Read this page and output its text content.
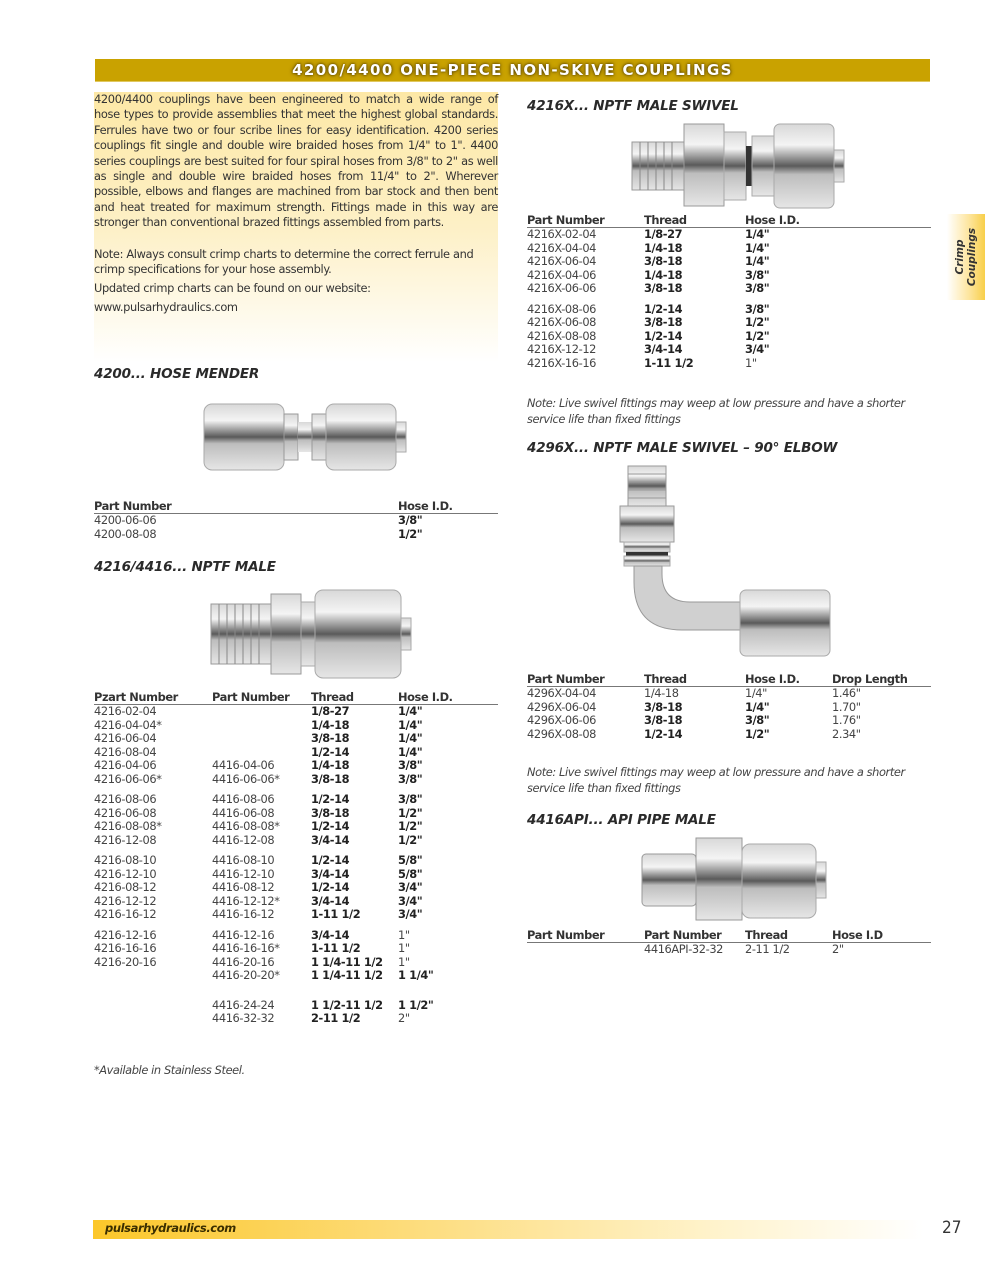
4200/4400 ONE-PIECE NON-SKIVE COUPLINGS

4200/4400 couplings have been engineered to match a wide range of hose types to provide assemblies that meet the highest global standards. Ferrules have two or four scribe lines for easy identification. 4200 series couplings fit single and double wire braided hoses from 1/4" to 1". 4400 series couplings are best suited for four spiral hoses from 3/8" to 2" as well as single and double wire braided hoses from 11/4" to 2". Wherever possible, elbows and flanges are machined from bar stock and then bent and heat treated for maximum strength. Fittings made in this way are stronger than conventional brazed fittings assembled from parts.

Note: Always consult crimp charts to determine the correct ferrule and crimp specifications for your hose assembly.

Updated crimp charts can be found on our website:

www.pulsarhydraulics.com

4200... HOSE MENDER
Part Number	Hose I.D.
4200-06-06	3/8"
4200-08-08	1/2"
4216/4416... NPTF MALE
Pzart Number	Part Number	Thread	Hose I.D.
4216-02-04		1/8-27	1/4"
4216-04-04*		1/4-18	1/4"
4216-06-04		3/8-18	1/4"
4216-08-04		1/2-14	1/4"
4216-04-06	4416-04-06	1/4-18	3/8"
4216-06-06*	4416-06-06*	3/8-18	3/8"
4216-08-06	4416-08-06	1/2-14	3/8"
4216-06-08	4416-06-08	3/8-18	1/2"
4216-08-08*	4416-08-08*	1/2-14	1/2"
4216-12-08	4416-12-08	3/4-14	1/2"
4216-08-10	4416-08-10	1/2-14	5/8"
4216-12-10	4416-12-10	3/4-14	5/8"
4216-08-12	4416-08-12	1/2-14	3/4"
4216-12-12	4416-12-12*	3/4-14	3/4"
4216-16-12	4416-16-12	1-11 1/2	3/4"
4216-12-16	4416-12-16	3/4-14	1"
4216-16-16	4416-16-16*	1-11 1/2	1"
4216-20-16	4416-20-16	1 1/4-11 1/2	1"
	4416-20-20*	1 1/4-11 1/2	1 1/4"
	4416-24-24	1 1/2-11 1/2	1 1/2"
	4416-32-32	2-11 1/2	2"
*Available in Stainless Steel.
4216X... NPTF MALE SWIVEL
Part Number	Thread	Hose I.D.
4216X-02-04	1/8-27	1/4"
4216X-04-04	1/4-18	1/4"
4216X-06-04	3/8-18	1/4"
4216X-04-06	1/4-18	3/8"
4216X-06-06	3/8-18	3/8"
4216X-08-06	1/2-14	3/8"
4216X-06-08	3/8-18	1/2"
4216X-08-08	1/2-14	1/2"
4216X-12-12	3/4-14	3/4"
4216X-16-16	1-11 1/2	1"
Note: Live swivel fittings may weep at low pressure and have a shorter service life than fixed fittings
4296X... NPTF MALE SWIVEL – 90° ELBOW
Part Number	Thread	Hose I.D.	Drop Length
4296X-04-04	1/4-18	1/4"	1.46"
4296X-06-04	3/8-18	1/4"	1.70"
4296X-06-06	3/8-18	3/8"	1.76"
4296X-08-08	1/2-14	1/2"	2.34"
Note: Live swivel fittings may weep at low pressure and have a shorter service life than fixed fittings
4416API... API PIPE MALE
Part Number	Part Number	Thread	Hose I.D
	4416API-32-32	2-11 1/2	2"
Crimp Couplings
pulsarhydraulics.com	27
